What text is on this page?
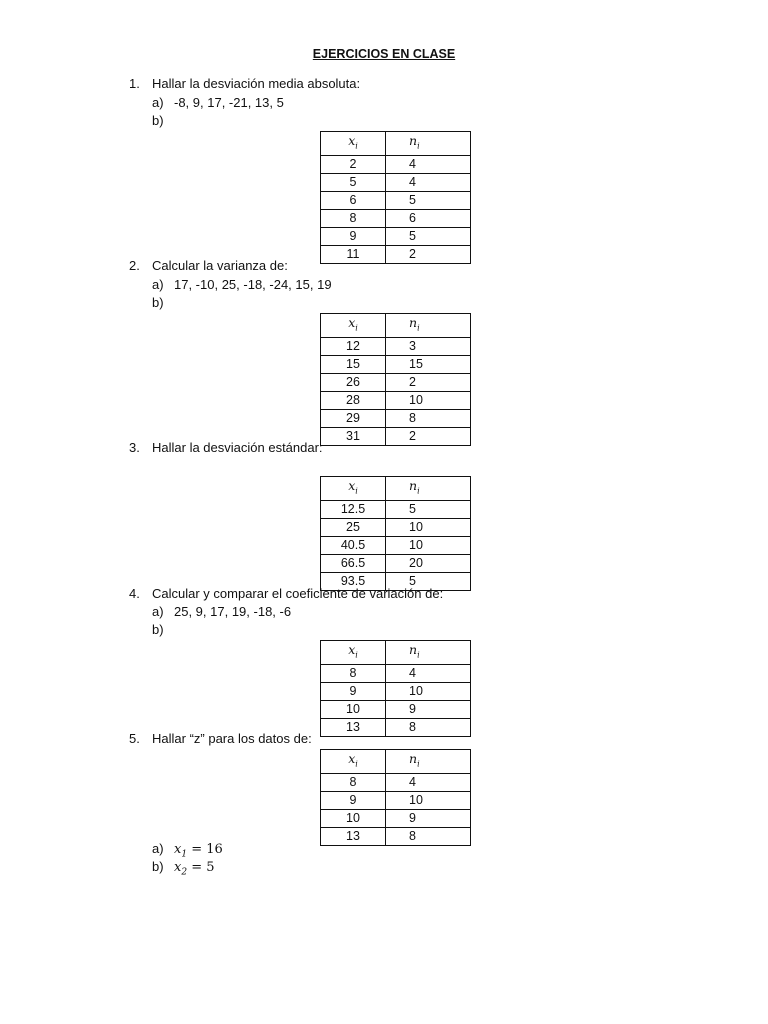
EJERCICIOS EN CLASE
1. Hallar la desviación media absoluta:
a) -8, 9, 17, -21, 13, 5
b)
$x_i$	$n_i$
2	4
5	4
6	5
8	6
9	5
11	2
2. Calcular la varianza de:
a) 17, -10, 25, -18, -24, 15, 19
b)
$x_i$	$n_i$
12	3
15	15
26	2
28	10
29	8
31	2
3. Hallar la desviación estándar:
$x_i$	$n_i$
12.5	5
25	10
40.5	10
66.5	20
93.5	5
4. Calcular y comparar el coeficiente de variación de:
a) 25, 9, 17, 19, -18, -6
b)
$x_i$	$n_i$
8	4
9	10
10	9
13	8
5. Hallar “z” para los datos de:
$x_i$	$n_i$
8	4
9	10
10	9
13	8
a) $x_1 = 16$
b) $x_2 = 5$
